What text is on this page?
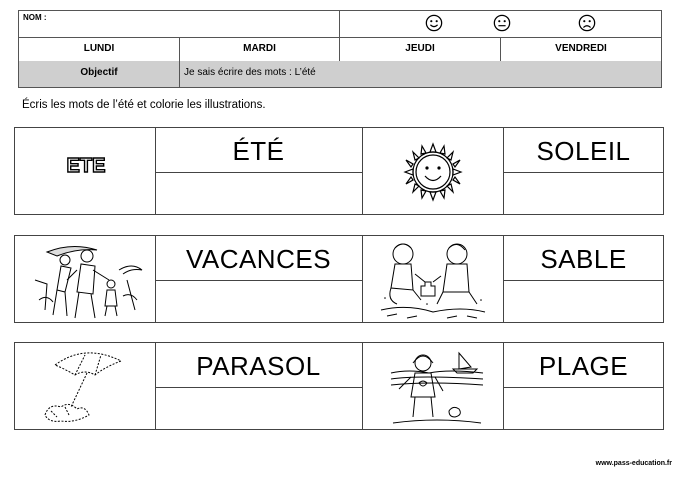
NOM :
LUNDI	MARDI	JEUDI	VENDREDI
Objectif	Je sais écrire des mots : L’été
Écris les mots de l’été et colorie les illustrations.
ETE	ÉTÉ	SOLEIL
VACANCES	SABLE
PARASOL	PLAGE
www.pass-education.fr
